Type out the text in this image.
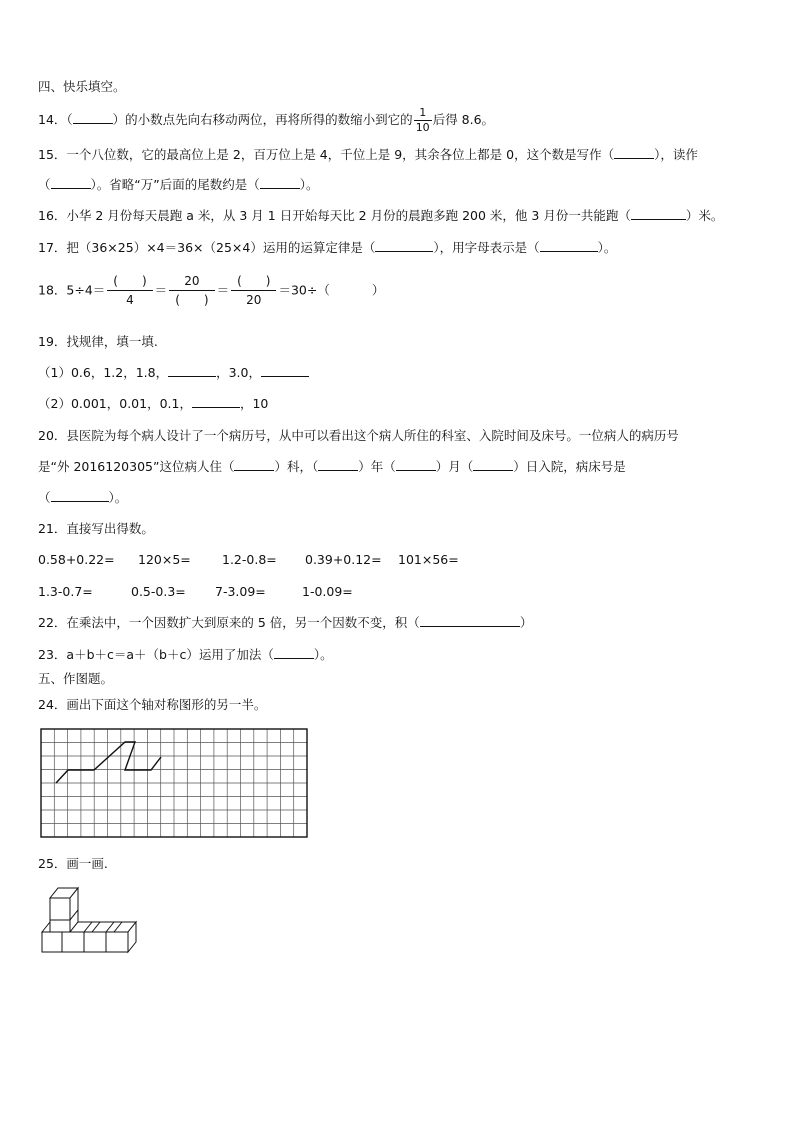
四、快乐填空。
14．（	）的小数点先向右移动两位，再将所得的数缩小到它的 $\frac{1}{10}$ 后得 8.6。
15．一个八位数，它的最高位上是 2，百万位上是 4，千位上是 9，其余各位上都是 0，这个数是写作（	），读作
（	）。省略“万”后面的尾数约是（	）。
16．小华 2 月份每天晨跑 a 米，从 3 月 1 日开始每天比 2 月份的晨跑多跑 200 米，他 3 月份一共能跑（	）米。
17．把（36×25）×4＝36×（25×4）运用的运算定律是（	），用字母表示是（	）。
18．$5\div 4= \frac{( )}{4} = \frac{20}{( )} = \frac{( )}{20} =30\div$（	）
19．找规律，填一填.
（1）0.6，1.2，1.8，	，3.0，
（2）0.001，0.01，0.1，	，10
20．县医院为每个病人设计了一个病历号，从中可以看出这个病人所住的科室、入院时间及床号。一位病人的病历号
是“外 2016120305”这位病人住（	）科，（	）年（	）月（	）日入院，病床号是
（	）。
21．直接写出得数。
0.58+0.22= 120×5= 1.2-0.8= 0.39+0.12= 101×56=
1.3-0.7=	0.5-0.3= 7-3.09=	1-0.09=
22．在乘法中，一个因数扩大到原来的 5 倍，另一个因数不变，积（	）
23．a＋b＋c＝a＋（b＋c）运用了加法（	）。
五、作图题。
24．画出下面这个轴对称图形的另一半。
25．画一画.
